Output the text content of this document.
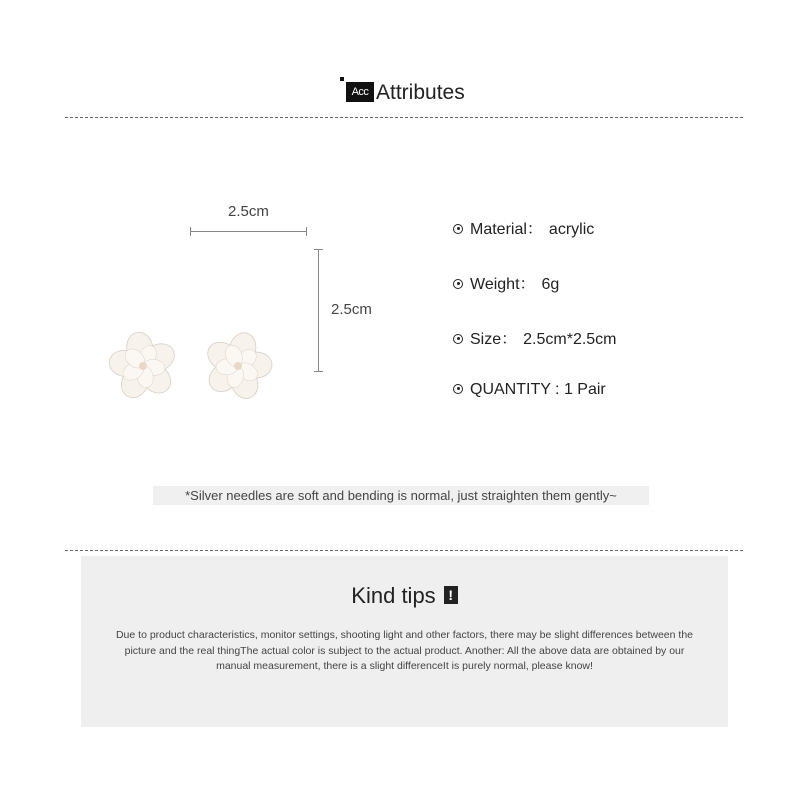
Acc Attributes
2.5cm
2.5cm
Material： acrylic
Weight： 6g
Size： 2.5cm*2.5cm
QUANTITY : 1 Pair
*Silver needles are soft and bending is normal, just straighten them gently~
Kind tips !
Due to product characteristics, monitor settings, shooting light and other factors, there may be slight differences between the picture and the real thingThe actual color is subject to the actual product. Another: All the above data are obtained by our manual measurement, there is a slight differenceIt is purely normal, please know!
